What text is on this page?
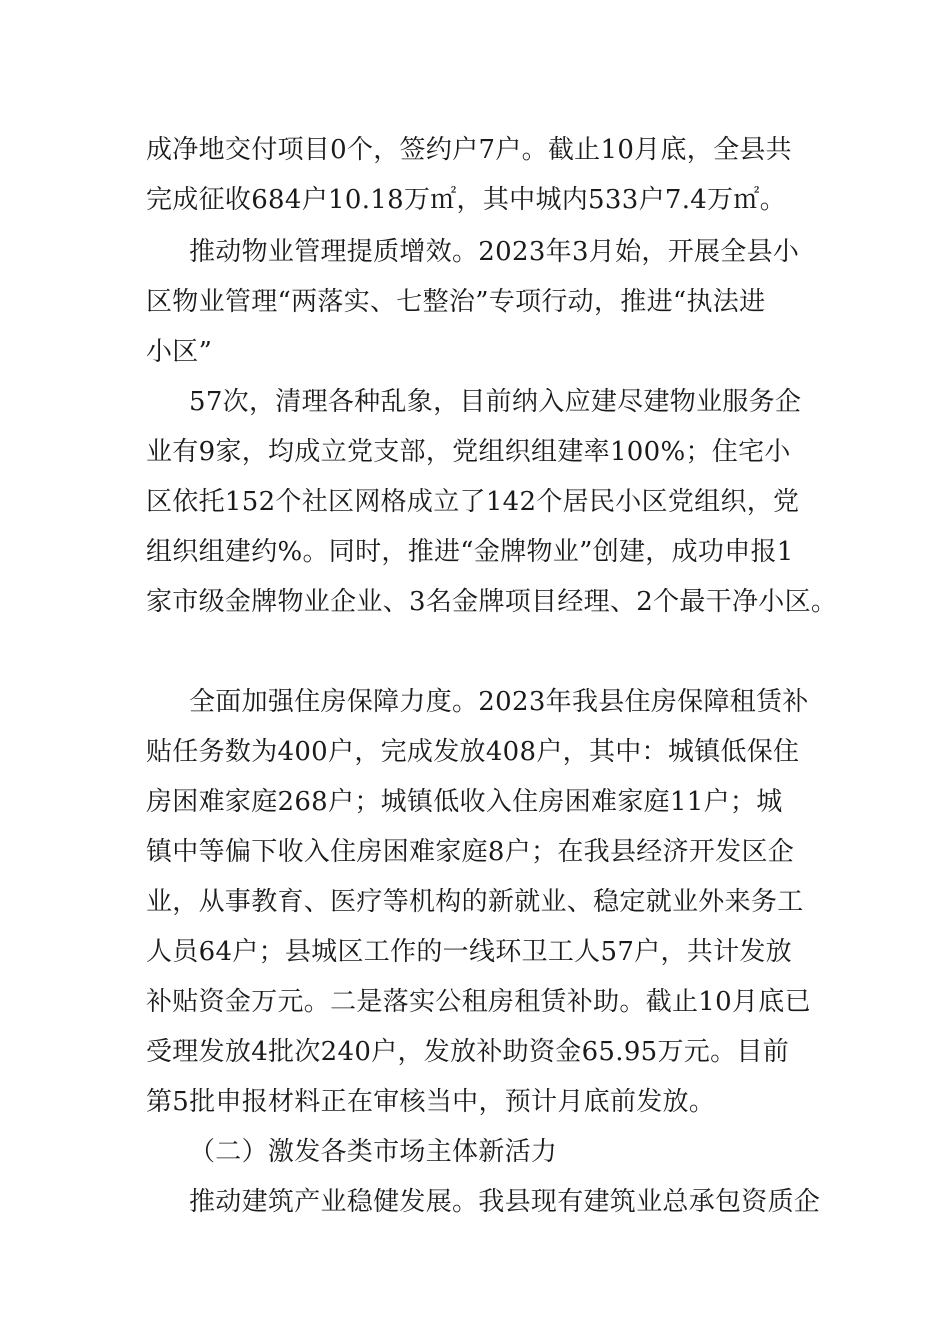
成净地交付项目0个，签约户7户。截止10月底，全县共
完成征收684户10.18万㎡，其中城内533户7.4万㎡。
推动物业管理提质增效。2023年3月始，开展全县小
区物业管理“两落实、七整治”专项行动，推进“执法进
小区”
57次，清理各种乱象，目前纳入应建尽建物业服务企
业有9家，均成立党支部，党组织组建率100%；住宅小
区依托152个社区网格成立了142个居民小区党组织，党
组织组建约%。同时，推进“金牌物业”创建，成功申报1
家市级金牌物业企业、3名金牌项目经理、2个最干净小区。
全面加强住房保障力度。2023年我县住房保障租赁补
贴任务数为400户，完成发放408户，其中：城镇低保住
房困难家庭268户；城镇低收入住房困难家庭11户；城
镇中等偏下收入住房困难家庭8户；在我县经济开发区企
业，从事教育、医疗等机构的新就业、稳定就业外来务工
人员64户；县城区工作的一线环卫工人57户，共计发放
补贴资金万元。二是落实公租房租赁补助。截止10月底已
受理发放4批次240户，发放补助资金65.95万元。目前
第5批申报材料正在审核当中，预计月底前发放。
（二）激发各类市场主体新活力
推动建筑产业稳健发展。我县现有建筑业总承包资质企
